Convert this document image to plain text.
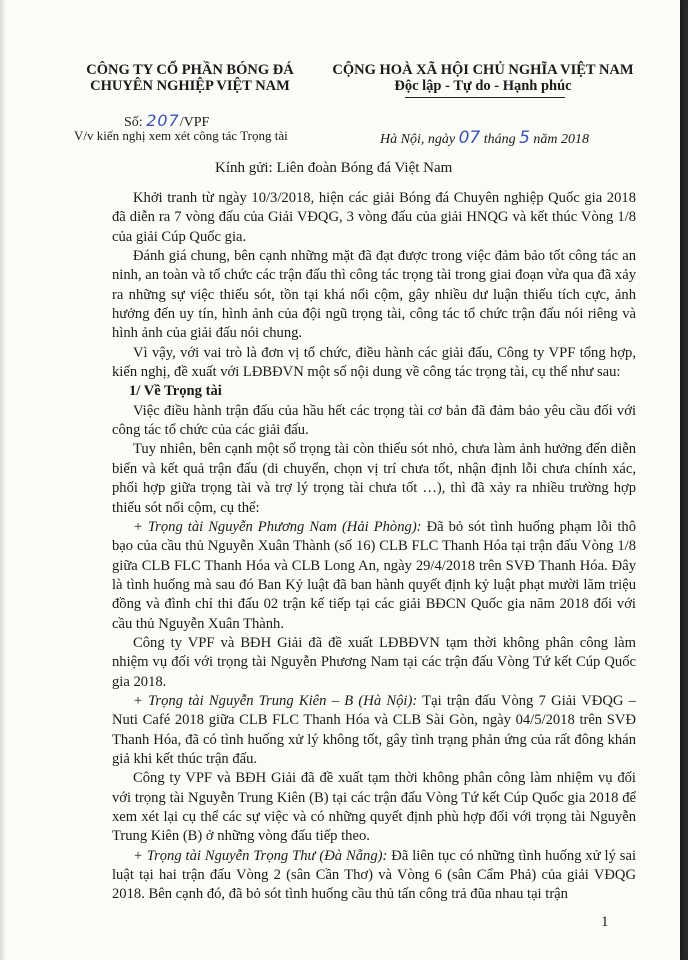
CÔNG TY CỔ PHẦN BÓNG ĐÁ
CHUYÊN NGHIỆP VIỆT NAM
CỘNG HOÀ XÃ HỘI CHỦ NGHĨA VIỆT NAM
Độc lập - Tự do - Hạnh phúc
Số: 207/VPF
V/v kiến nghị xem xét công tác Trọng tài	Hà Nội, ngày 07 tháng 5 năm 2018
Kính gửi: Liên đoàn Bóng đá Việt Nam

Khởi tranh từ ngày 10/3/2018, hiện các giải Bóng đá Chuyên nghiệp Quốc gia 2018 đã diễn ra 7 vòng đấu của Giải VĐQG, 3 vòng đấu của giải HNQG và kết thúc Vòng 1/8 của giải Cúp Quốc gia.

Đánh giá chung, bên cạnh những mặt đã đạt được trong việc đảm bảo tốt công tác an ninh, an toàn và tổ chức các trận đấu thì công tác trọng tài trong giai đoạn vừa qua đã xảy ra những sự việc thiếu sót, tồn tại khá nổi cộm, gây nhiều dư luận thiếu tích cực, ảnh hưởng đến uy tín, hình ảnh của đội ngũ trọng tài, công tác tổ chức trận đấu nói riêng và hình ảnh của giải đấu nói chung.

Vì vậy, với vai trò là đơn vị tổ chức, điều hành các giải đấu, Công ty VPF tổng hợp, kiến nghị, đề xuất với LĐBĐVN một số nội dung về công tác trọng tài, cụ thể như sau:

1/ Về Trọng tài

Việc điều hành trận đấu của hầu hết các trọng tài cơ bản đã đảm bảo yêu cầu đối với công tác tổ chức của các giải đấu.

Tuy nhiên, bên cạnh một số trọng tài còn thiếu sót nhỏ, chưa làm ảnh hưởng đến diễn biến và kết quả trận đấu (di chuyển, chọn vị trí chưa tốt, nhận định lỗi chưa chính xác, phối hợp giữa trọng tài và trợ lý trọng tài chưa tốt …), thì đã xảy ra nhiều trường hợp thiếu sót nổi cộm, cụ thể:

+ Trọng tài Nguyễn Phương Nam (Hải Phòng): Đã bỏ sót tình huống phạm lỗi thô bạo của cầu thủ Nguyễn Xuân Thành (số 16) CLB FLC Thanh Hóa tại trận đấu Vòng 1/8 giữa CLB FLC Thanh Hóa và CLB Long An, ngày 29/4/2018 trên SVĐ Thanh Hóa. Đây là tình huống mà sau đó Ban Kỷ luật đã ban hành quyết định kỷ luật phạt mười lăm triệu đồng và đình chỉ thi đấu 02 trận kế tiếp tại các giải BĐCN Quốc gia năm 2018 đối với cầu thủ Nguyễn Xuân Thành.

Công ty VPF và BĐH Giải đã đề xuất LĐBĐVN tạm thời không phân công làm nhiệm vụ đối với trọng tài Nguyễn Phương Nam tại các trận đấu Vòng Tứ kết Cúp Quốc gia 2018.

+ Trọng tài Nguyễn Trung Kiên – B (Hà Nội): Tại trận đấu Vòng 7 Giải VĐQG – Nuti Café 2018 giữa CLB FLC Thanh Hóa và CLB Sài Gòn, ngày 04/5/2018 trên SVĐ Thanh Hóa, đã có tình huống xử lý không tốt, gây tình trạng phản ứng của rất đông khán giả khi kết thúc trận đấu.

Công ty VPF và BĐH Giải đã đề xuất tạm thời không phân công làm nhiệm vụ đối với trọng tài Nguyễn Trung Kiên (B) tại các trận đấu Vòng Tứ kết Cúp Quốc gia 2018 để xem xét lại cụ thể các sự việc và có những quyết định phù hợp đối với trọng tài Nguyễn Trung Kiên (B) ở những vòng đấu tiếp theo.

+ Trọng tài Nguyễn Trọng Thư (Đà Nẵng): Đã liên tục có những tình huống xử lý sai luật tại hai trận đấu Vòng 2 (sân Cần Thơ) và Vòng 6 (sân Cẩm Phả) của giải VĐQG 2018. Bên cạnh đó, đã bỏ sót tình huống cầu thủ tấn công trả đũa nhau tại trận

1
